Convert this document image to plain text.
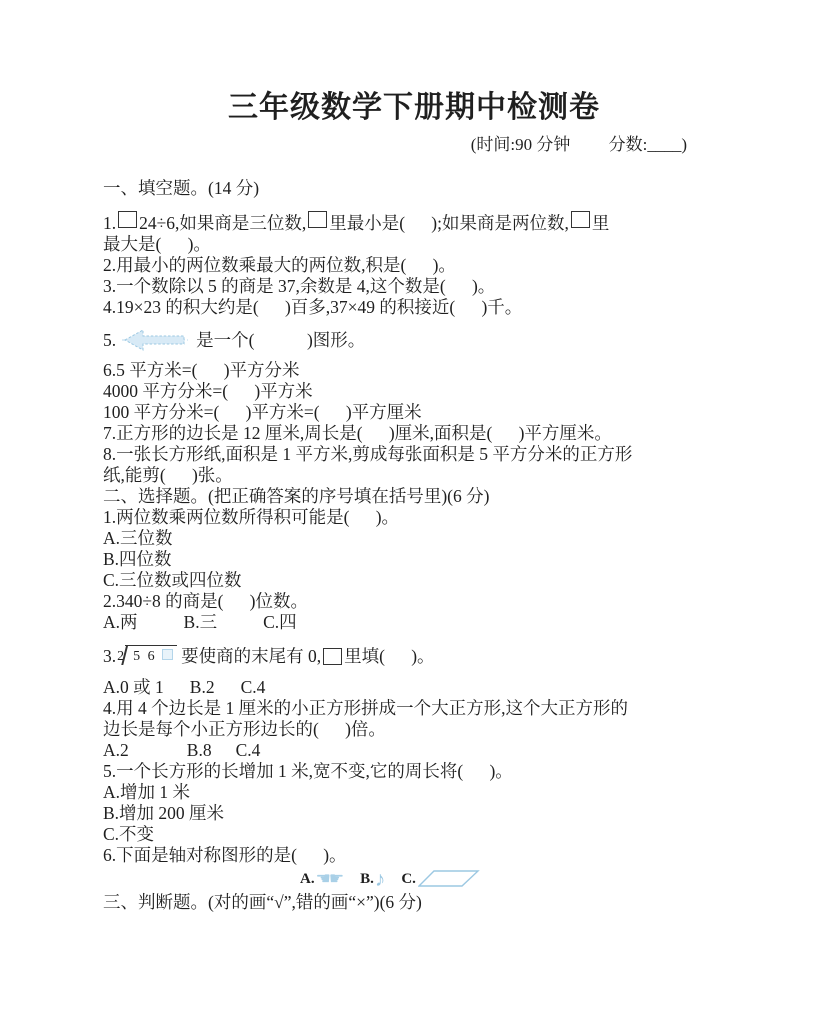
三年级数学下册期中检测卷
(时间:90 分钟         分数:____)
一、填空题。(14 分)
1. 24÷6,如果商是三位数, 里最小是(      );如果商是两位数, 里
最大是(      )。
2.用最小的两位数乘最大的两位数,积是(      )。
3.一个数除以 5 的商是 37,余数是 4,这个数是(      )。
4.19×23 的积大约是(      )百多,37×49 的积接近(      )千。
5.	是一个(            )图形。
6.5 平方米=(      )平方分米
4000 平方分米=(      )平方米
100 平方分米=(      )平方米=(      )平方厘米
7.正方形的边长是 12 厘米,周长是(      )厘米,面积是(      )平方厘米。
8.一张长方形纸,面积是 1 平方米,剪成每张面积是 5 平方分米的正方形
纸,能剪(      )张。
二、选择题。(把正确答案的序号填在括号里)(6 分)
1.两位数乘两位数所得积可能是(      )。
A.三位数
B.四位数
C.三位数或四位数
2.340÷8 的商是(      )位数。
A.两	B.三	C.四
3. 2 5 6	要使商的末尾有 0, 里填(      )。
A.0 或 1 B.2 C.4
4.用 4 个边长是 1 厘米的小正方形拼成一个大正方形,这个大正方形的
边长是每个小正方形边长的(      )倍。
A.2	B.8 C.4
5.一个长方形的长增加 1 米,宽不变,它的周长将(      )。
A.增加 1 米
B.增加 200 厘米
C.不变
6.下面是轴对称图形的是(      )。
A. ☚☛ B. ♪ C.
三、判断题。(对的画“√”,错的画“×”)(6 分)
